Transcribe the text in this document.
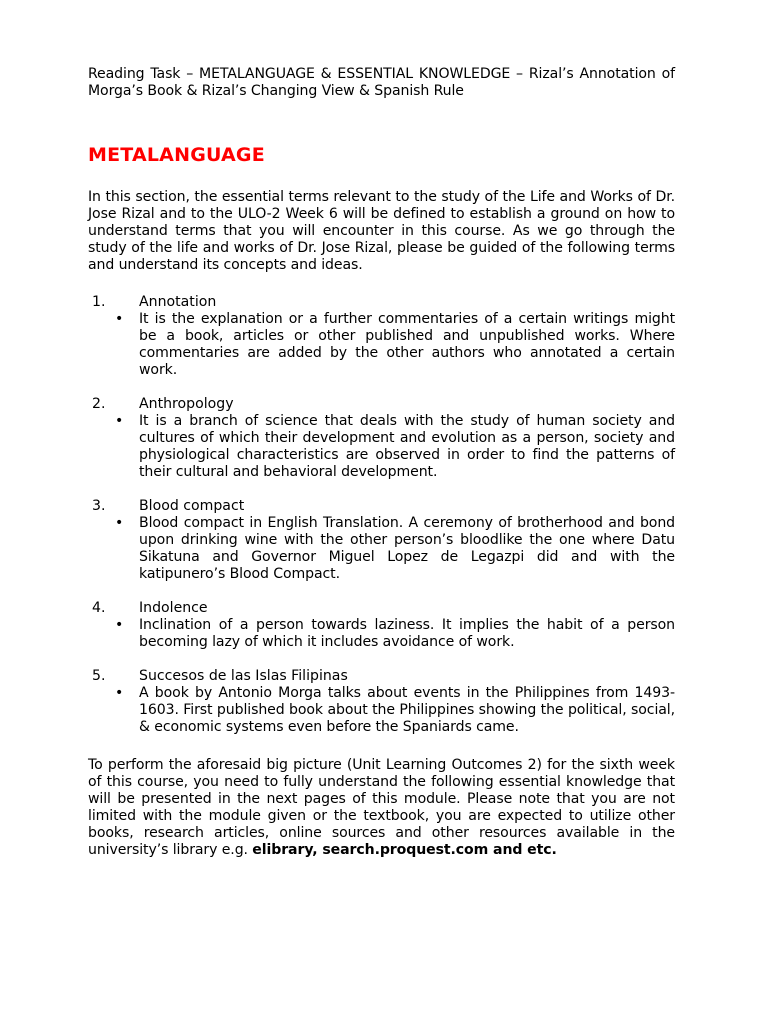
Reading Task – METALANGUAGE & ESSENTIAL KNOWLEDGE – Rizal’s Annotation of Morga’s Book & Rizal’s Changing View & Spanish Rule

METALANGUAGE

In this section, the essential terms relevant to the study of the Life and Works of Dr. Jose Rizal and to the ULO-2 Week 6 will be defined to establish a ground on how to understand terms that you will encounter in this course. As we go through the study of the life and works of Dr. Jose Rizal, please be guided of the following terms and understand its concepts and ideas.

1.	Annotation
•	It is the explanation or a further commentaries of a certain writings might be a book, articles or other published and unpublished works. Where commentaries are added by the other authors who annotated a certain work.
2.	Anthropology
•	It is a branch of science that deals with the study of human society and cultures of which their development and evolution as a person, society and physiological characteristics are observed in order to find the patterns of their cultural and behavioral development.
3.	Blood compact
•	Blood compact in English Translation. A ceremony of brotherhood and bond upon drinking wine with the other person’s bloodlike the one where Datu Sikatuna and Governor Miguel Lopez de Legazpi did and with the katipunero’s Blood Compact.
4.	Indolence
•	Inclination of a person towards laziness. It implies the habit of a person becoming lazy of which it includes avoidance of work.
5.	Succesos de las Islas Filipinas
•	A book by Antonio Morga talks about events in the Philippines from 1493- 1603. First published book about the Philippines showing the political, social, & economic systems even before the Spaniards came.

To perform the aforesaid big picture (Unit Learning Outcomes 2) for the sixth week of this course, you need to fully understand the following essential knowledge that will be presented in the next pages of this module. Please note that you are not limited with the module given or the textbook, you are expected to utilize other books, research articles, online sources and other resources available in the university’s library e.g. elibrary, search.proquest.com and etc.
